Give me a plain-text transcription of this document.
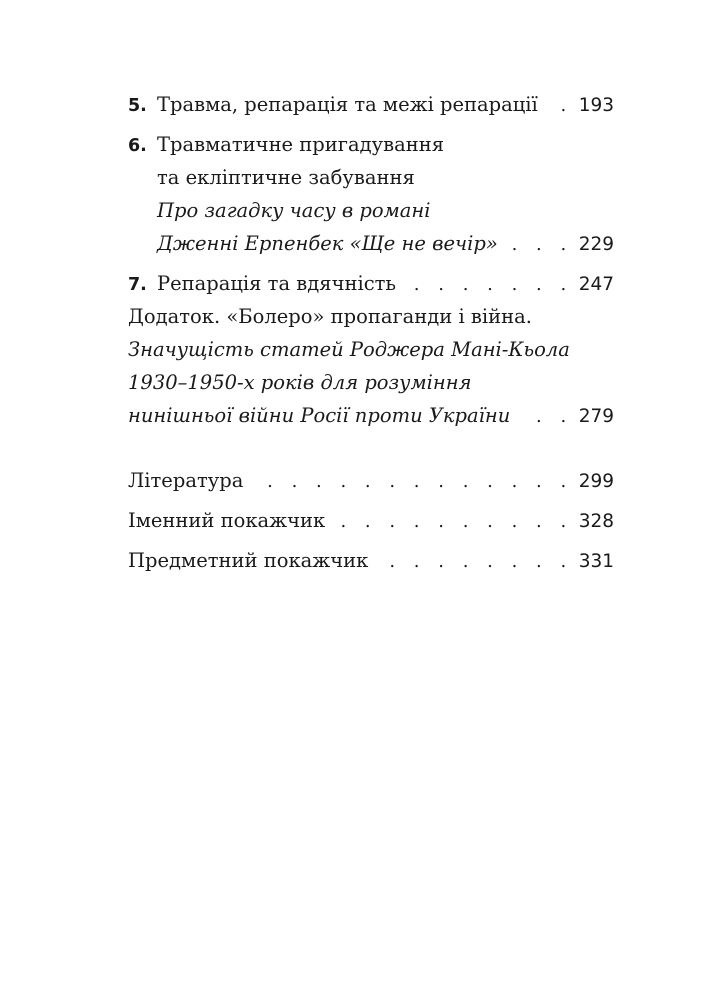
5. Травма, репарація та межі репарації . . . 193
6. Травматичне пригадування
та екліптичне забування
Про загадку часу в романі
Дженні Ерпенбек «Ще не вечір» . . .	229
7. Репарація та вдячність . . .	247
Додаток. «Болеро» пропаганди і війна.
Значущість статей Роджера Мані-Кьола
1930–1950-х років для розуміння
нинішньої війни Росії проти України . . .	279
Література . . .	299
Іменний покажчик . . .	328
Предметний покажчик . . .	331
